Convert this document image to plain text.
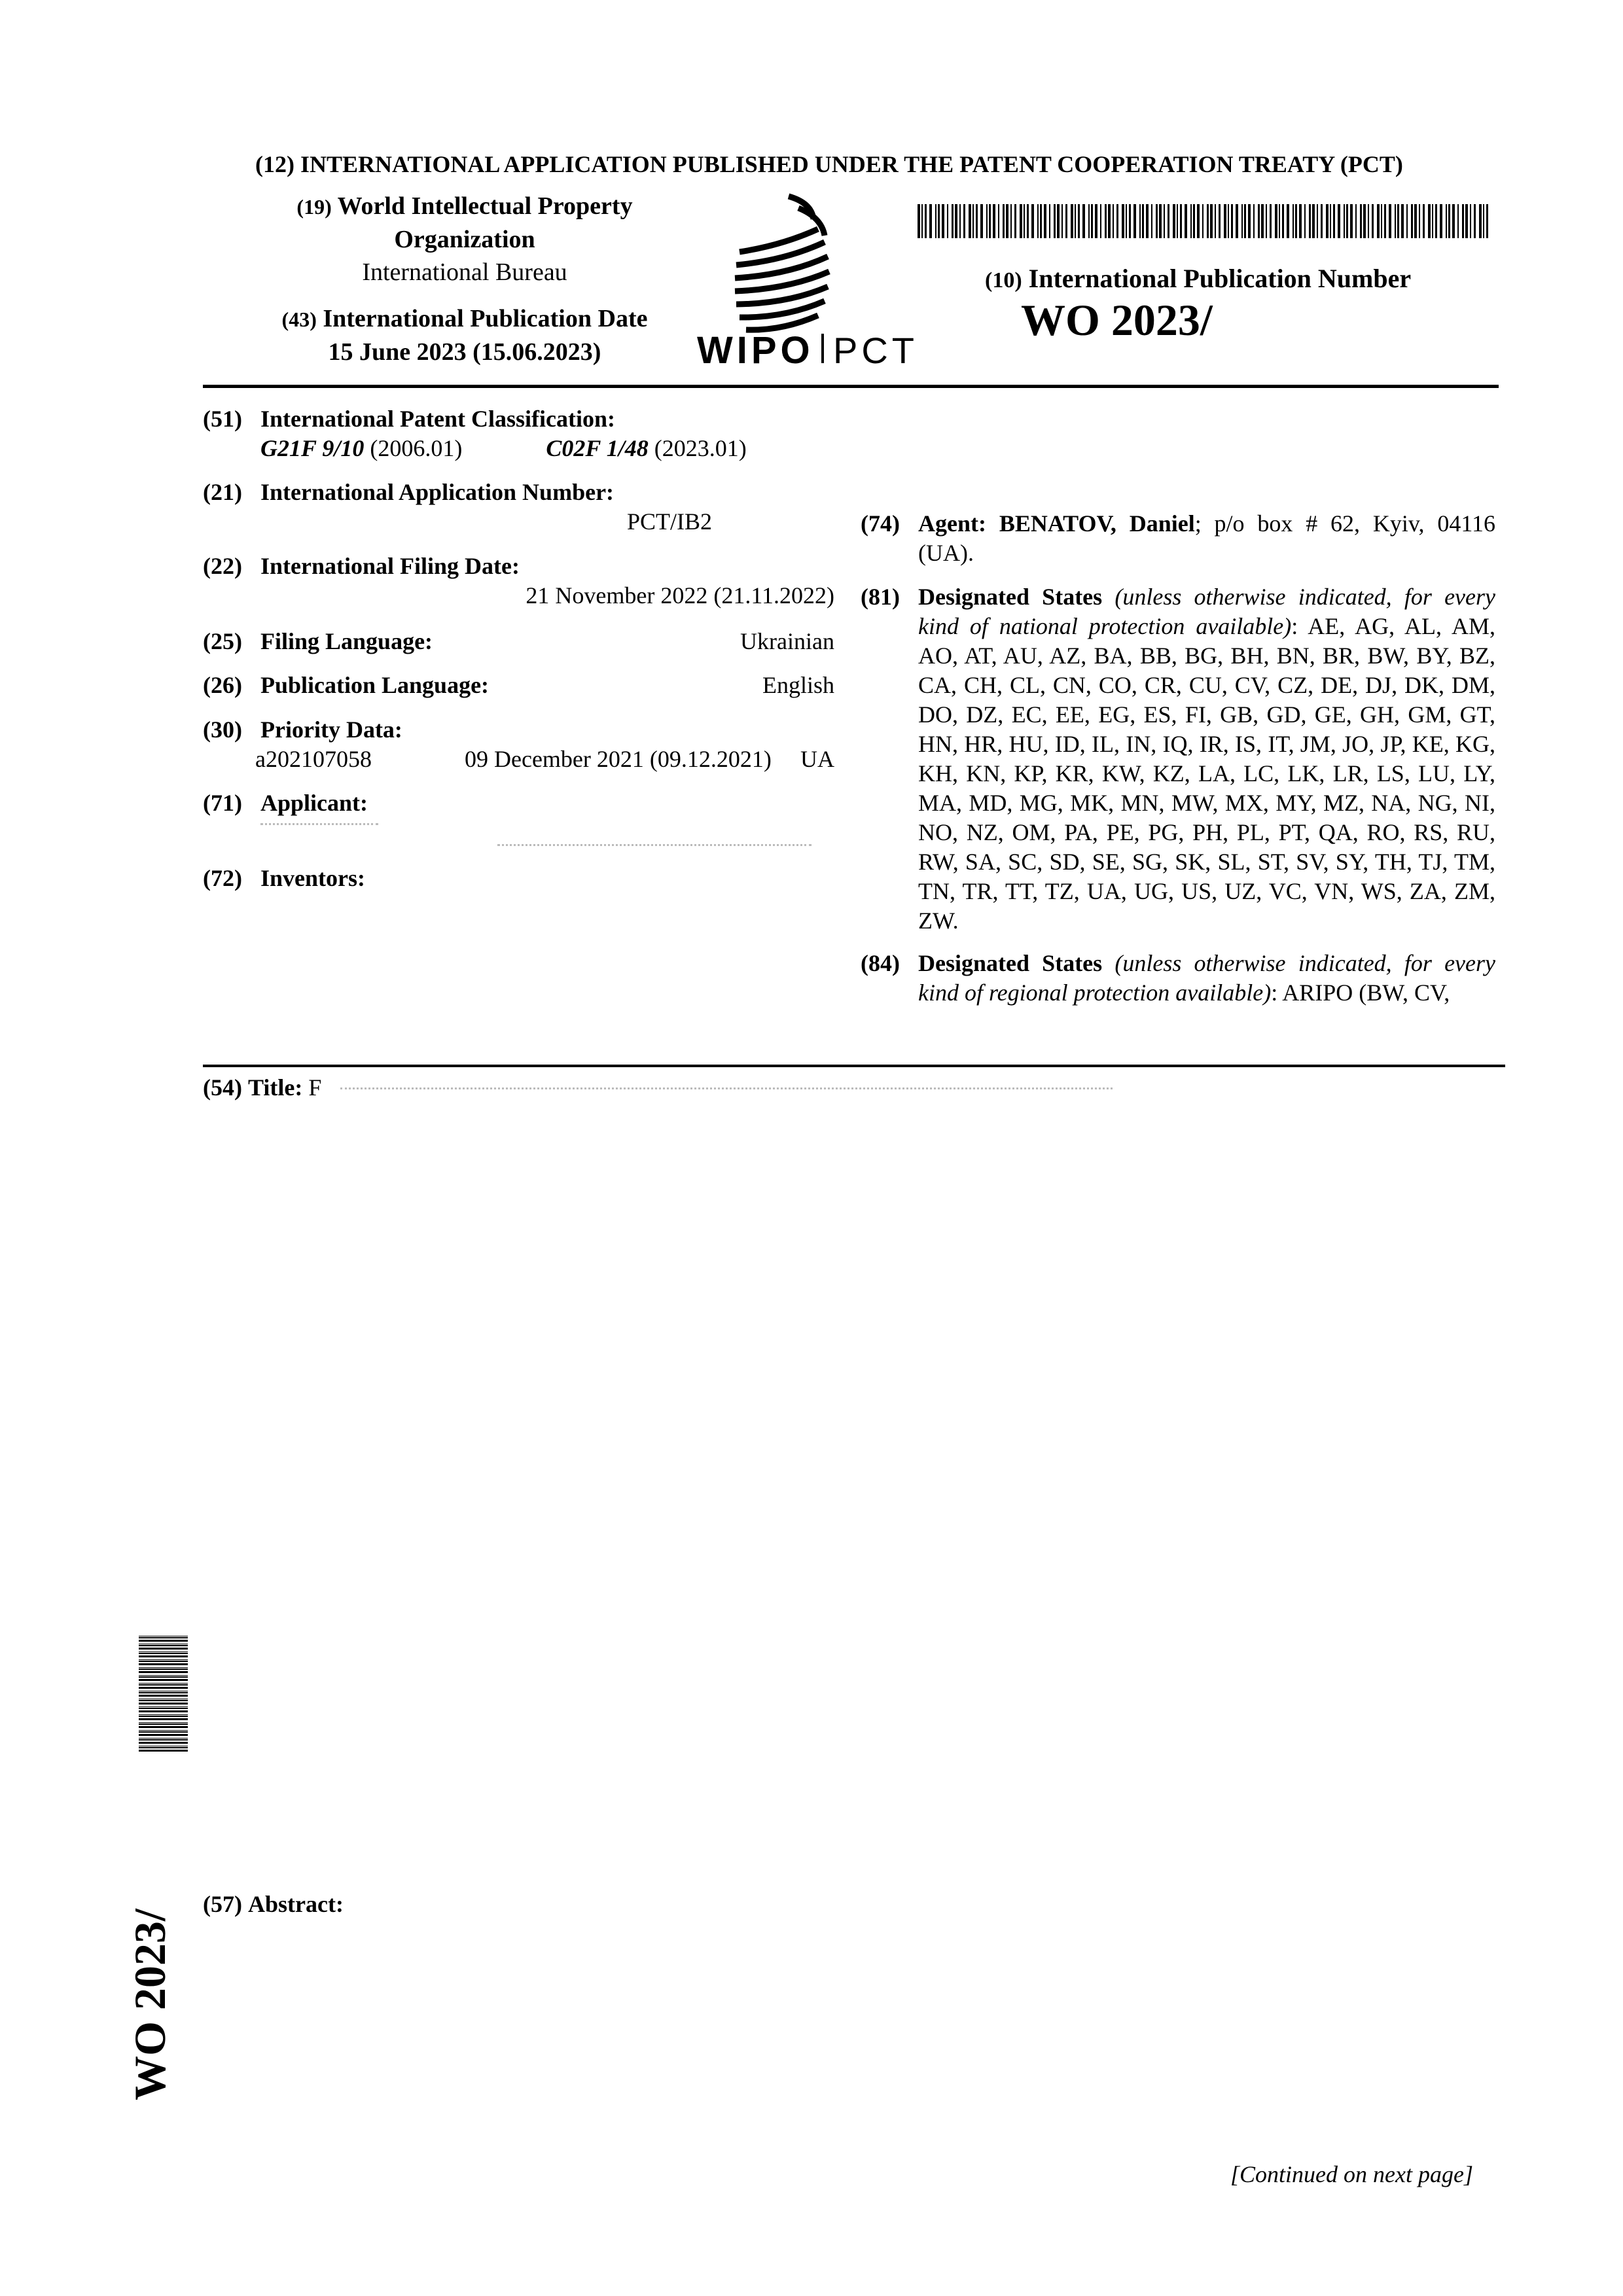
(12) INTERNATIONAL APPLICATION PUBLISHED UNDER THE PATENT COOPERATION TREATY (PCT)
(19) World Intellectual Property
Organization
International Bureau
(43) International Publication Date
15 June 2023 (15.06.2023)	WIPO PCT
(10) International Publication Number
WO 2023/
(51) International Patent Classification:
G21F 9/10 (2006.01)	C02F 1/48 (2023.01)
(21) International Application Number:
PCT/IB2
(22) International Filing Date:
21 November 2022 (21.11.2022)
(25) Filing Language:	Ukrainian
(26) Publication Language:	English
(30) Priority Data:
a202107058	09 December 2021 (09.12.2021) UA
(71) Applicant:
(72) Inventors:
(74) Agent: BENATOV, Daniel; p/o box # 62, Kyiv, 04116 (UA).
(81) Designated States (unless otherwise indicated, for every kind of national protection available): AE, AG, AL, AM, AO, AT, AU, AZ, BA, BB, BG, BH, BN, BR, BW, BY, BZ, CA, CH, CL, CN, CO, CR, CU, CV, CZ, DE, DJ, DK, DM, DO, DZ, EC, EE, EG, ES, FI, GB, GD, GE, GH, GM, GT, HN, HR, HU, ID, IL, IN, IQ, IR, IS, IT, JM, JO, JP, KE, KG, KH, KN, KP, KR, KW, KZ, LA, LC, LK, LR, LS, LU, LY, MA, MD, MG, MK, MN, MW, MX, MY, MZ, NA, NG, NI, NO, NZ, OM, PA, PE, PG, PH, PL, PT, QA, RO, RS, RU, RW, SA, SC, SD, SE, SG, SK, SL, ST, SV, SY, TH, TJ, TM, TN, TR, TT, TZ, UA, UG, US, UZ, VC, VN, WS, ZA, ZM, ZW.
(84) Designated States (unless otherwise indicated, for every kind of regional protection available): ARIPO (BW, CV,
(54) Title: F
(57) Abstract:
WO 2023/
[Continued on next page]
